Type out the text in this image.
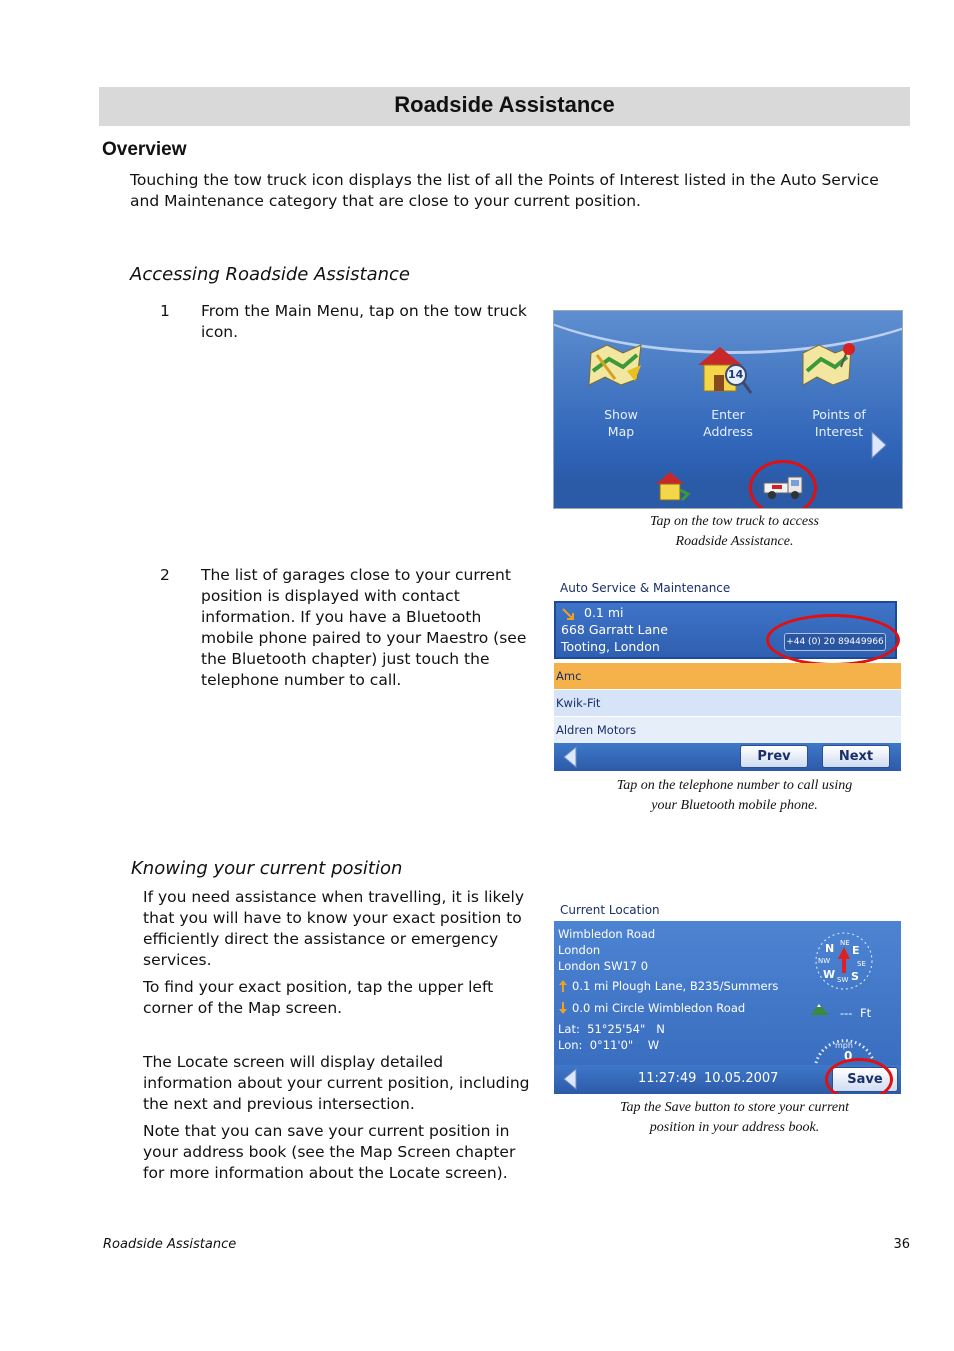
Roadside Assistance
Overview
Touching the tow truck icon displays the list of all the Points of Interest listed in the Auto Service and Maintenance category that are close to your current position.
Accessing Roadside Assistance
1 From the Main Menu, tap on the tow truck icon.
Show
Map
14
Enter
Address
Points of
Interest
Tap on the tow truck to access
Roadside Assistance.
2 The list of garages close to your current position is displayed with contact information. If you have a Bluetooth mobile phone paired to your Maestro (see the Bluetooth chapter) just touch the telephone number to call.
Auto Service & Maintenance
0.1 mi
668 Garratt Lane
Tooting, London	+44 (0) 20 89449966
Amc
Kwik-Fit
Aldren Motors
Prev	Next
Tap on the telephone number to call using
your Bluetooth mobile phone.
Knowing your current position
If you need assistance when travelling, it is likely that you will have to know your exact position to efficiently direct the assistance or emergency services.
To find your exact position, tap the upper left corner of the Map screen.
The Locate screen will display detailed information about your current position, including the next and previous intersection.
Note that you can save your current position in your address book (see the Map Screen chapter for more information about the Locate screen).
Current Location
Wimbledon Road
London
London SW17 0
0.1 mi Plough Lane, B235/Summers
0.0 mi Circle Wimbledon Road
Lat:  51°25'54"   N
Lon:  0°11'0"    W
N NE
E
SE
S
SW
W
NW
--- Ft
mph
0
11:27:49 10.05.2007	Save
Tap the Save button to store your current
position in your address book.
Roadside Assistance	36
